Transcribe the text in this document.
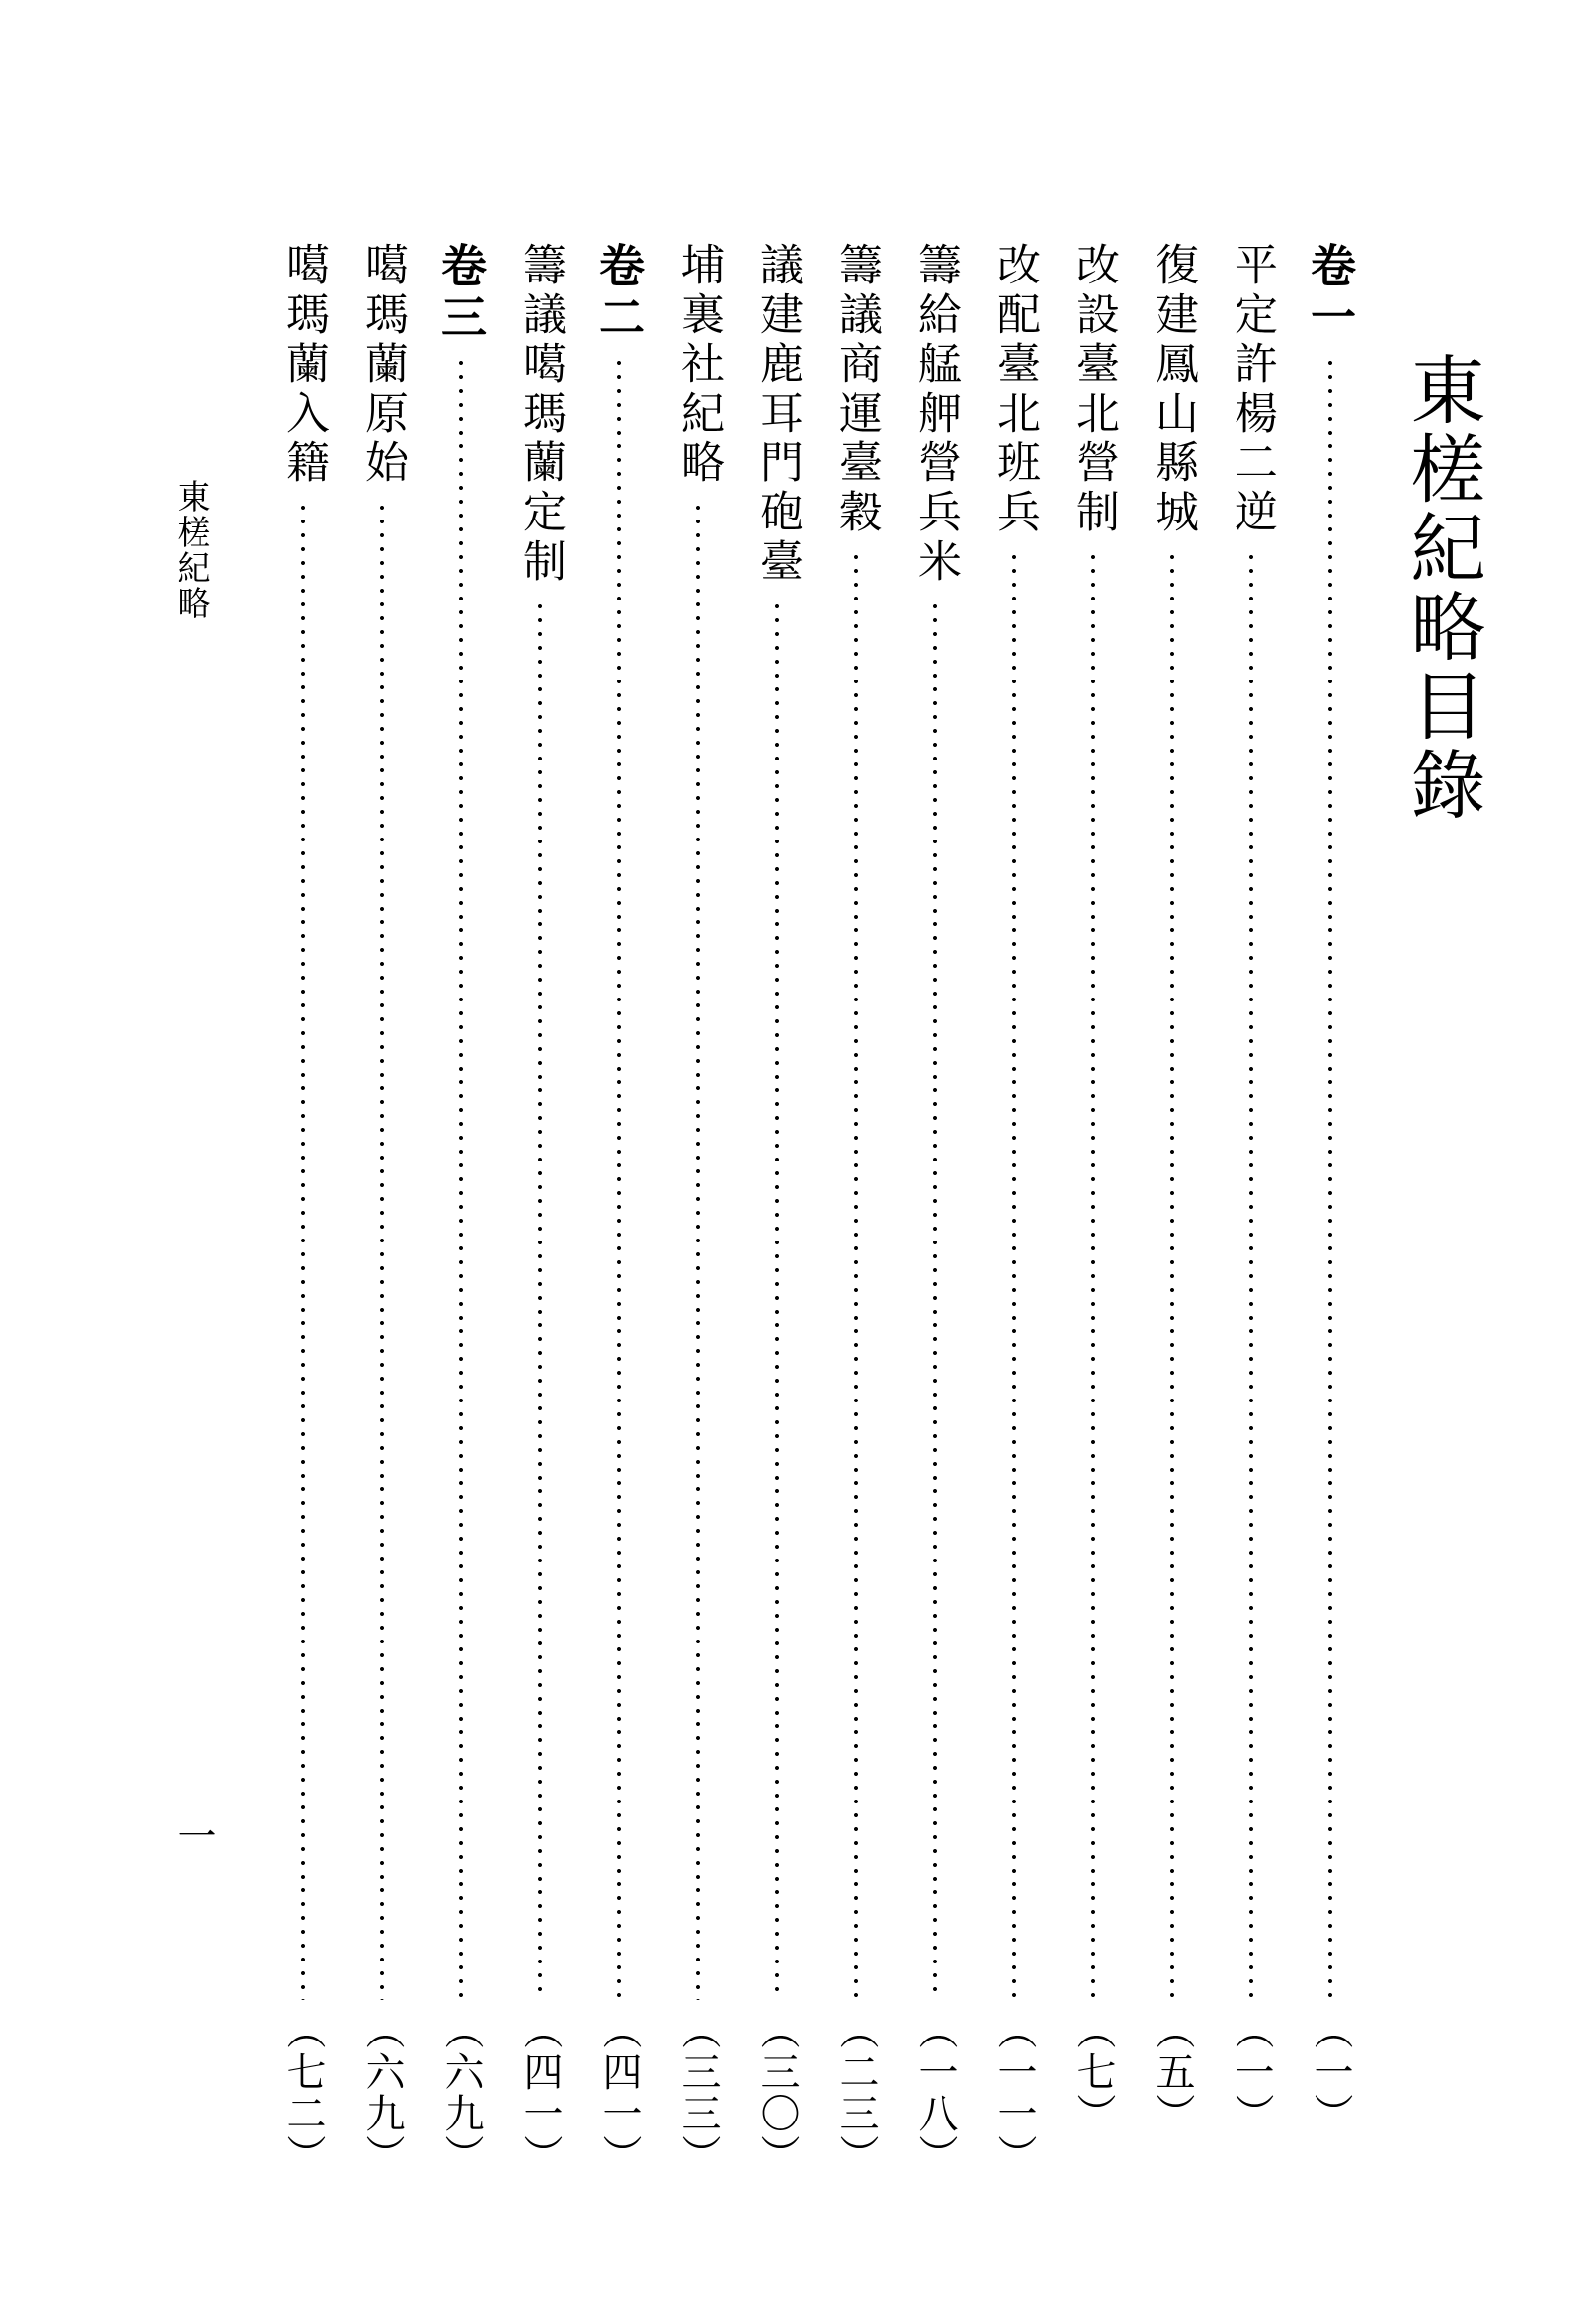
東槎紀略目錄
卷一
（一）
平定許楊二逆
（一）
復建鳳山縣城
（五）
改設臺北營制
（七）
改配臺北班兵
（一一）
籌給艋舺營兵米
（一八）
籌議商運臺穀
（二三）
議建鹿耳門砲臺
（三〇）
埔裏社紀略
（三三）
卷二
（四一）
籌議噶瑪蘭定制
（四一）
卷三
（六九）
噶瑪蘭原始
（六九）
噶瑪蘭入籍
（七二）
東槎紀略
一
